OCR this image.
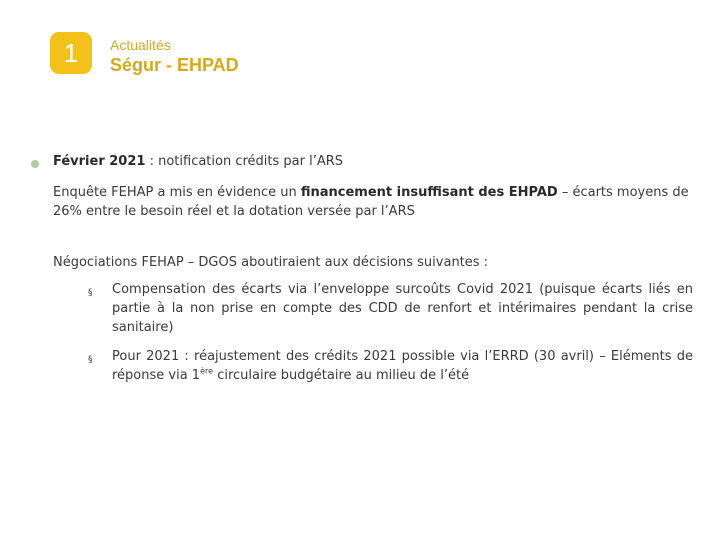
1 Actualités
Ségur - EHPAD

Février 2021 : notification crédits par l’ARS

Enquête FEHAP a mis en évidence un financement insuffisant des EHPAD – écarts moyens de 26% entre le besoin réel et la dotation versée par l’ARS

Négociations FEHAP – DGOS aboutiraient aux décisions suivantes :

§ Compensation des écarts via l’enveloppe surcoûts Covid 2021 (puisque écarts liés en partie à la non prise en compte des CDD de renfort et intérimaires pendant la crise sanitaire)
§ Pour 2021 : réajustement des crédits 2021 possible via l’ERRD (30 avril) – Eléments de réponse via 1ère circulaire budgétaire au milieu de l’été
